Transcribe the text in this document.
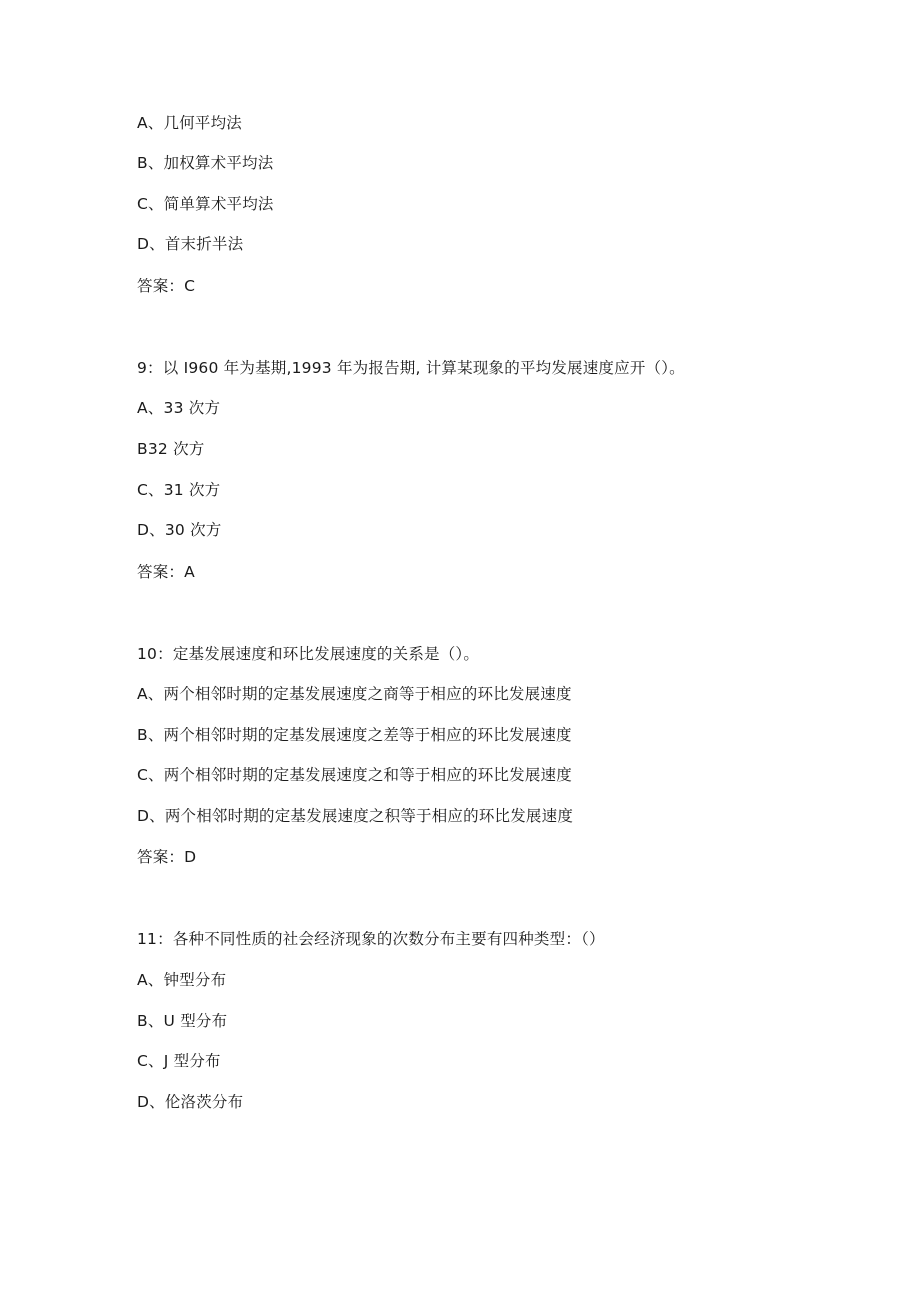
A、几何平均法
B、加权算术平均法
C、简单算术平均法
D、首末折半法
答案：C
9：以 I960 年为基期,1993 年为报告期, 计算某现象的平均发展速度应开（）。
A、33 次方
B32 次方
C、31 次方
D、30 次方
答案：A
10：定基发展速度和环比发展速度的关系是（）。
A、两个相邻时期的定基发展速度之商等于相应的环比发展速度
B、两个相邻时期的定基发展速度之差等于相应的环比发展速度
C、两个相邻时期的定基发展速度之和等于相应的环比发展速度
D、两个相邻时期的定基发展速度之积等于相应的环比发展速度
答案：D
11：各种不同性质的社会经济现象的次数分布主要有四种类型：（）
A、钟型分布
B、U 型分布
C、J 型分布
D、伦洛茨分布
